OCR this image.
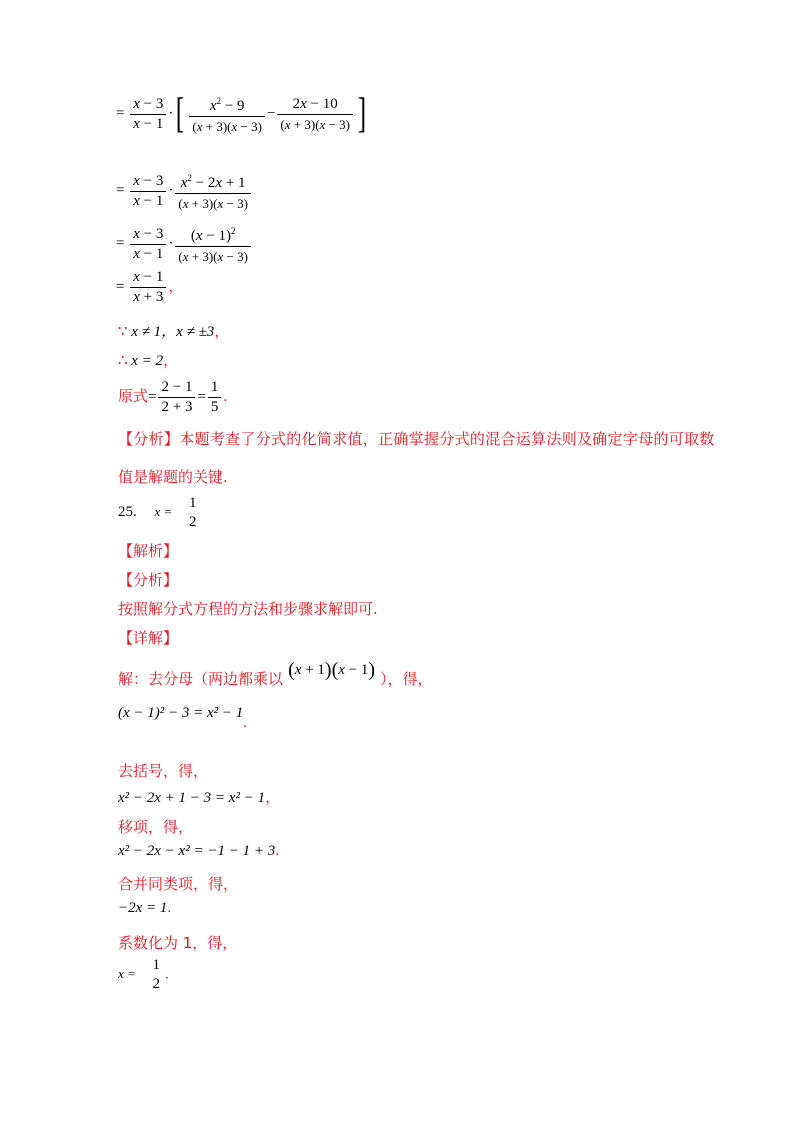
= $\frac{x - 3}{x - 1}$ ·[ $\frac{x^2 - 9}{(x + 3)(x - 3)} - \frac{2x - 10}{(x + 3)(x - 3)}$ ]
= $\frac{x - 3}{x - 1} \cdot \frac{x^2 - 2x + 1}{(x + 3)(x - 3)}$
= $\frac{x - 3}{x - 1} \cdot \frac{(x - 1)^2}{(x + 3)(x - 3)}$
= $\frac{x - 1}{x + 3}$ ，
∵ x ≠ 1，x ≠ ±3，
∴ x = 2，
原式= $\frac{2 - 1}{2 + 3} = \frac{1}{5}$ .
【分析】本题考查了分式的化简求值，正确掌握分式的混合运算法则及确定字母的可取数
值是解题的关键.
25. x =
1
2
【解析】
【分析】
按照解分式方程的方法和步骤求解即可.
【详解】
解：去分母（两边都乘以 (x + 1)(x − 1) ），得，
(x − 1)² − 3 = x² − 1.
去括号，得，
x² − 2x + 1 − 3 = x² − 1，
移项，得，
x² − 2x − x² = −1 − 1 + 3.
合并同类项，得，
−2x = 1.
系数化为 1，得，
x =
1
2
.
